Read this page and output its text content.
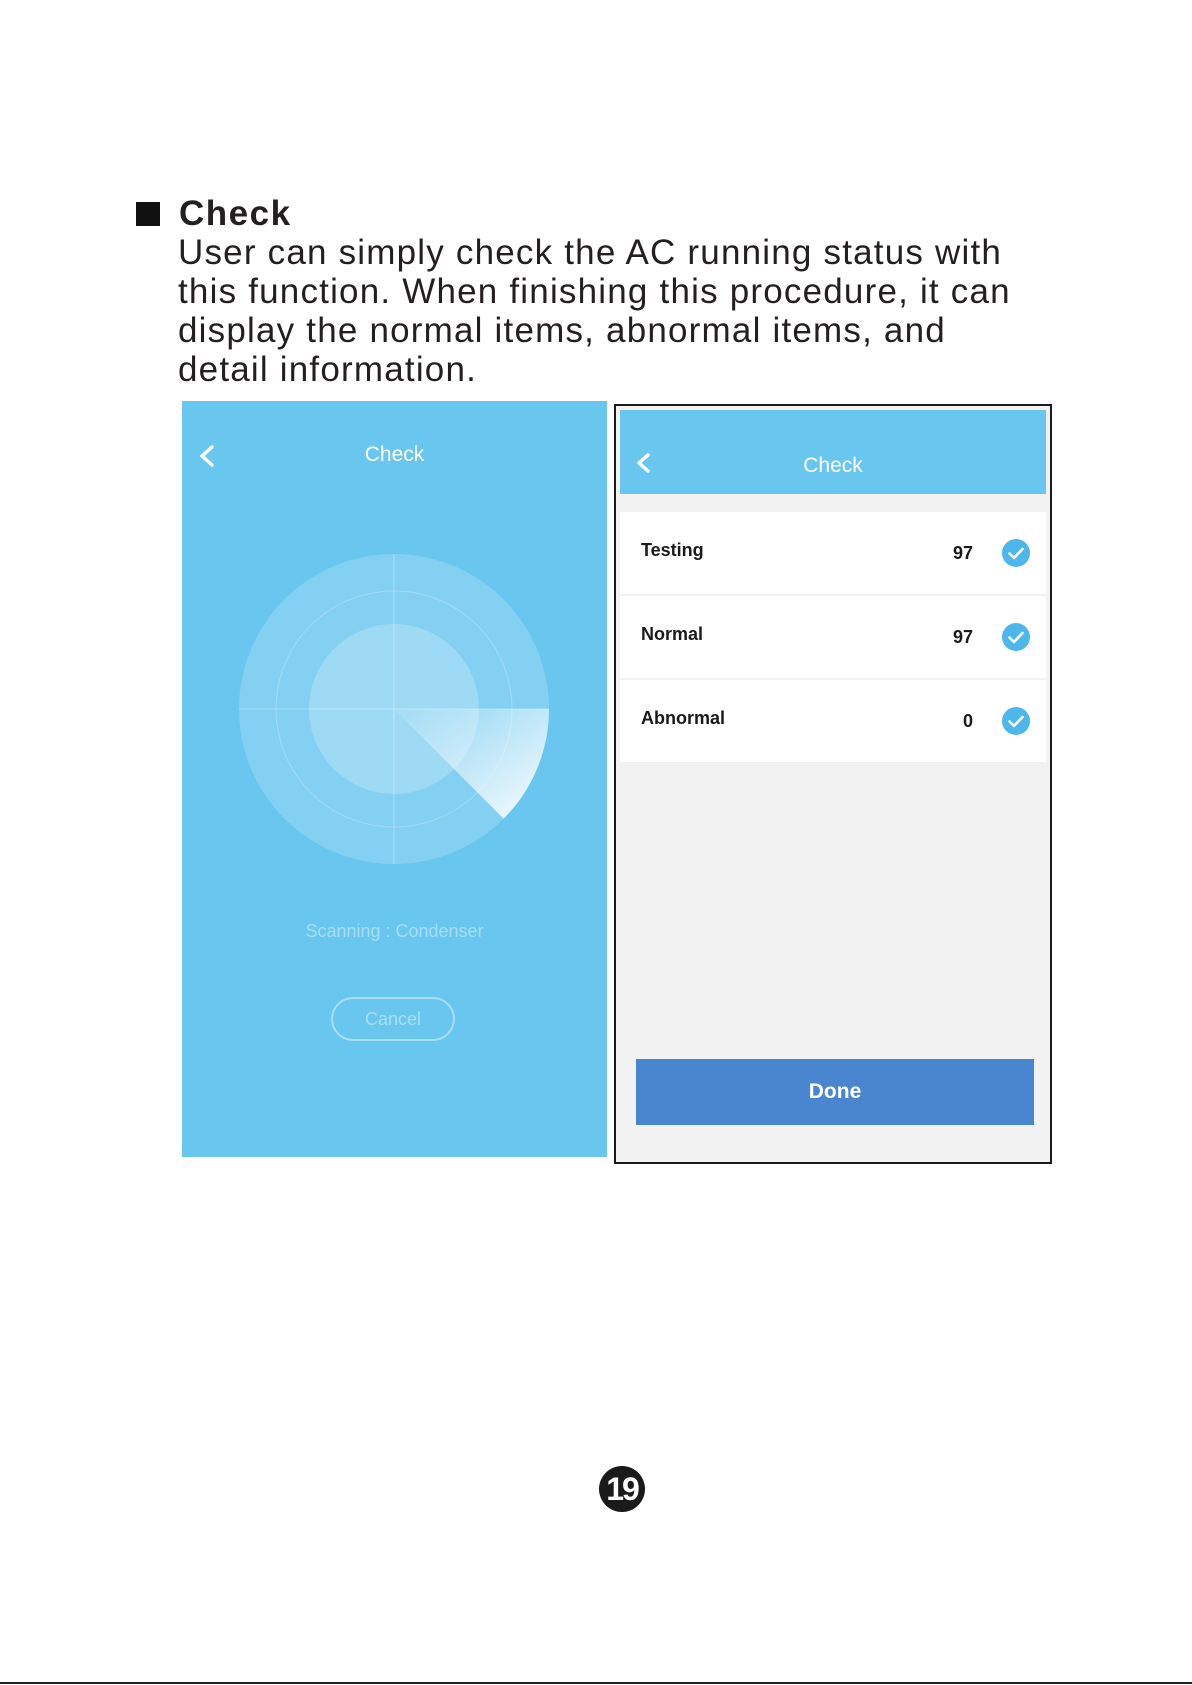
Check

User can simply check the AC running status with
this function. When finishing this procedure, it can
display the normal items, abnormal items, and
detail information.

Check
Scanning : Condenser
Cancel
Check
Testing	97
Normal	97
Abnormal	0
Done
19
